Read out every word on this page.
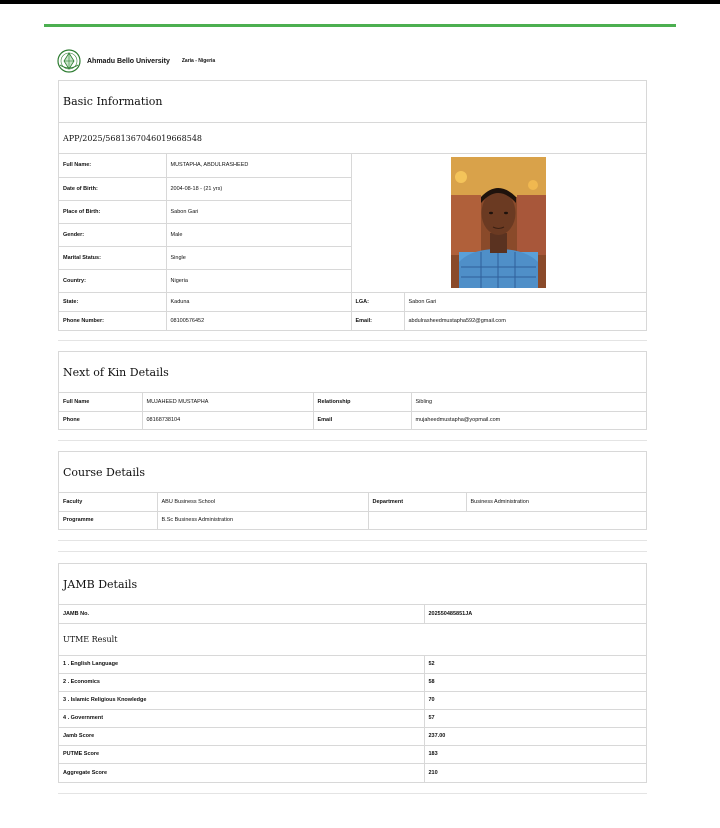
Ahmadu Bello University Zaria - Nigeria
Basic Information
APP/2025/5681367046019668548
Full Name:	MUSTAPHA, ABDULRASHEED	

Date of Birth:	2004-08-18 - (21 yrs)		
Place of Birth:	Sabon Gari		
Gender:	Male		
Marital Status:	Single		
Country:	Nigeria		
State:	Kaduna	LGA:	Sabon Gari
Phone Number:	08100576452	Email:	abdulrasheedmustapha592@gmail.com
Next of Kin Details
Full Name	MUJAHEED MUSTAPHA	Relationship	Sibling
Phone	08168738104	Email	mujaheedmustapha@yopmail.com
Course Details
Faculty	ABU Business School	Department	Business Administration
Programme	B.Sc Business Administration		
JAMB Details
JAMB No.	202550485851JA
UTME Result	
1 . English Language	52
2 . Economics	58
3 . Islamic Religious Knowledge	70
4 . Government	57
Jamb Score	237.00
PUTME Score	183
Aggregate Score	210
